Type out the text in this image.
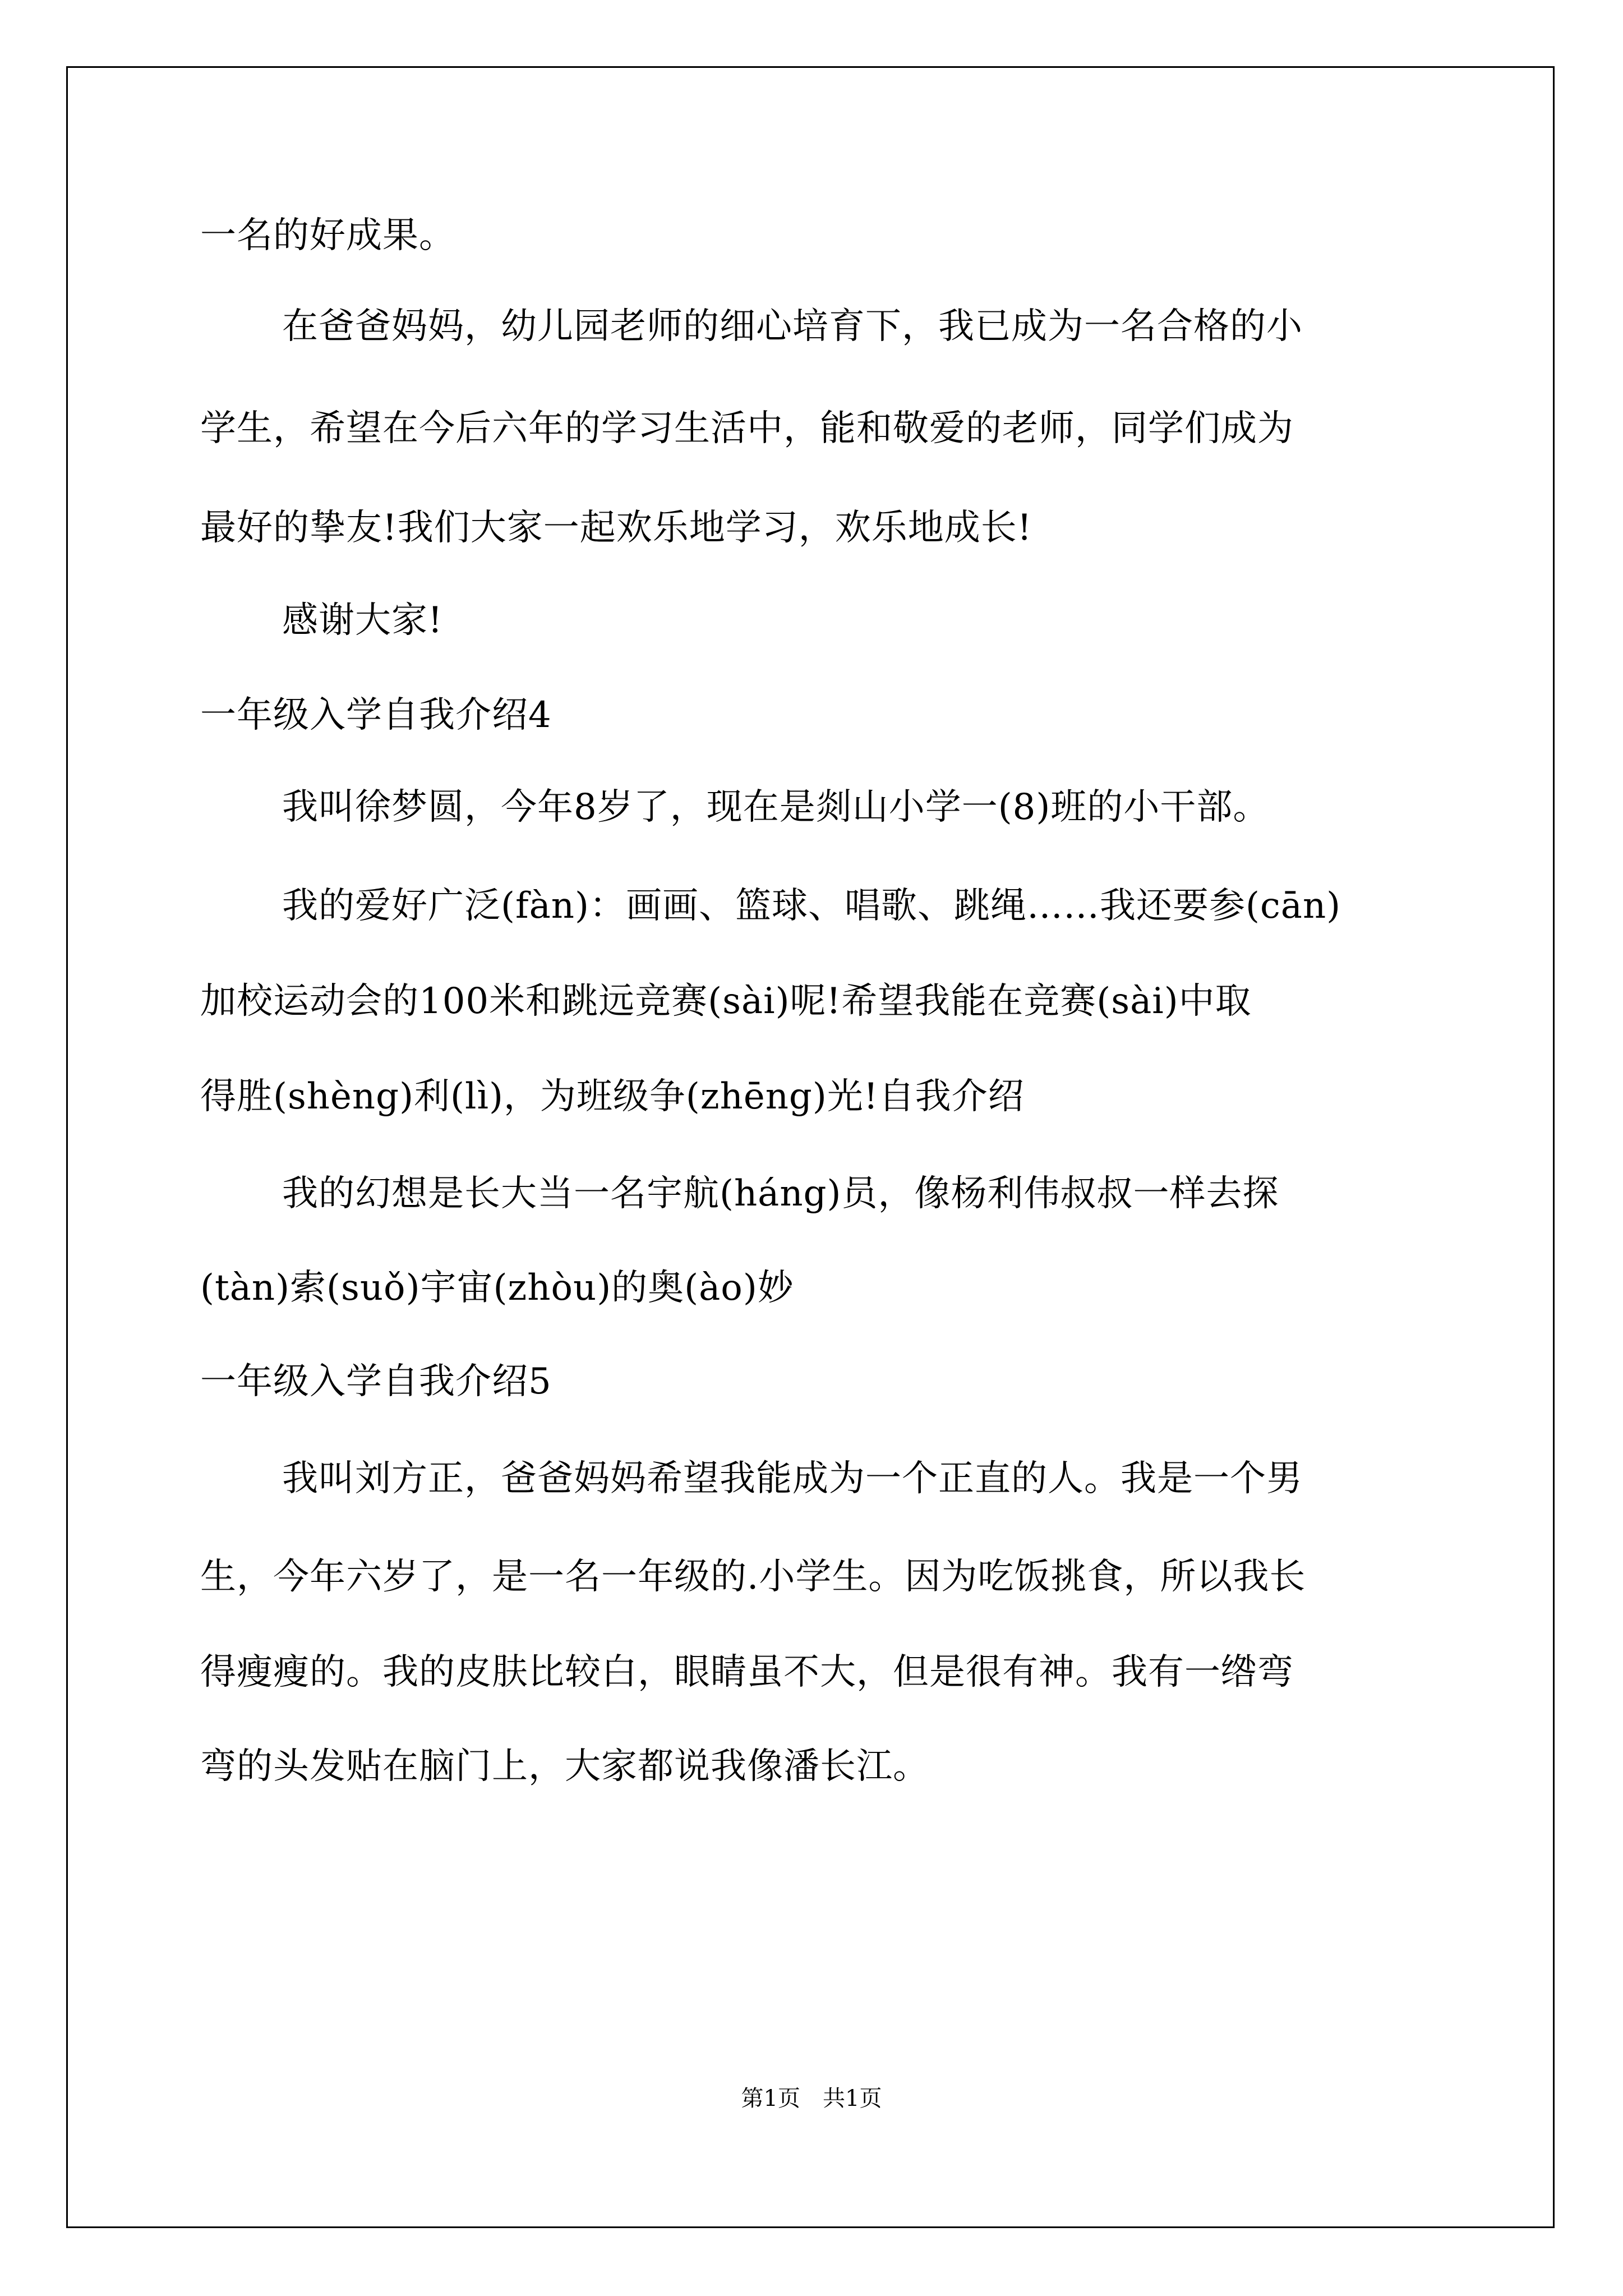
一名的好成果。
在爸爸妈妈，幼儿园老师的细心培育下，我已成为一名合格的小
学生，希望在今后六年的学习生活中，能和敬爱的老师，同学们成为
最好的挚友!我们大家一起欢乐地学习，欢乐地成长!
感谢大家!
一年级入学自我介绍4
我叫徐梦圆，今年8岁了，现在是剡山小学一(8)班的小干部。
我的爱好广泛(fàn)：画画、篮球、唱歌、跳绳……我还要参(cān)
加校运动会的100米和跳远竞赛(sài)呢!希望我能在竞赛(sài)中取
得胜(shèng)利(lì)，为班级争(zhēng)光!自我介绍
我的幻想是长大当一名宇航(háng)员，像杨利伟叔叔一样去探
(tàn)索(suǒ)宇宙(zhòu)的奥(ào)妙
一年级入学自我介绍5
我叫刘方正，爸爸妈妈希望我能成为一个正直的人。我是一个男
生，今年六岁了，是一名一年级的.小学生。因为吃饭挑食，所以我长
得瘦瘦的。我的皮肤比较白，眼睛虽不大，但是很有神。我有一绺弯
弯的头发贴在脑门上，大家都说我像潘长江。
第1页　共1页
